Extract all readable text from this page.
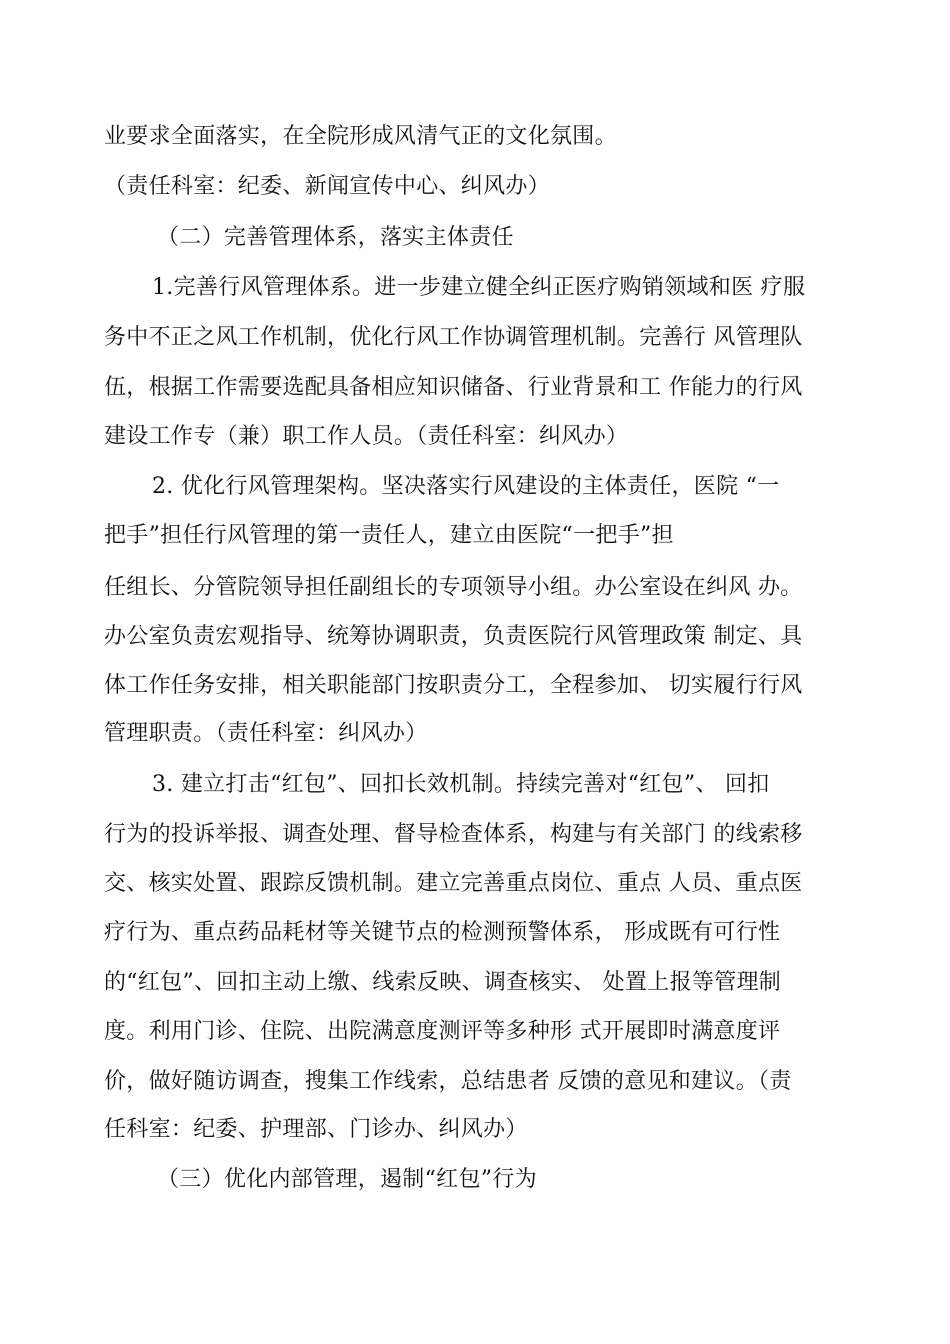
业要求全面落实，在全院形成风清气正的文化氛围。
（责任科室：纪委、新闻宣传中心、纠风办）
（二）完善管理体系，落实主体责任
1.完善行风管理体系。进一步建立健全纠正医疗购销领域和医 疗服
务中不正之风工作机制，优化行风工作协调管理机制。完善行 风管理队
伍，根据工作需要选配具备相应知识储备、行业背景和工 作能力的行风
建设工作专（兼）职工作人员。（责任科室：纠风办）
2. 优化行风管理架构。坚决落实行风建设的主体责任，医院 “一
把手”担任行风管理的第一责任人，建立由医院“一把手”担
任组长、分管院领导担任副组长的专项领导小组。办公室设在纠风 办。
办公室负责宏观指导、统筹协调职责，负责医院行风管理政策 制定、具
体工作任务安排，相关职能部门按职责分工，全程参加、 切实履行行风
管理职责。（责任科室：纠风办）
3. 建立打击“红包”、回扣长效机制。持续完善对“红包”、 回扣
行为的投诉举报、调查处理、督导检查体系，构建与有关部门 的线索移
交、核实处置、跟踪反馈机制。建立完善重点岗位、重点 人员、重点医
疗行为、重点药品耗材等关键节点的检测预警体系， 形成既有可行性
的“红包”、回扣主动上缴、线索反映、调查核实、 处置上报等管理制
度。利用门诊、住院、出院满意度测评等多种形 式开展即时满意度评
价，做好随访调查，搜集工作线索，总结患者 反馈的意见和建议。（责
任科室：纪委、护理部、门诊办、纠风办）
（三）优化内部管理，遏制“红包”行为
